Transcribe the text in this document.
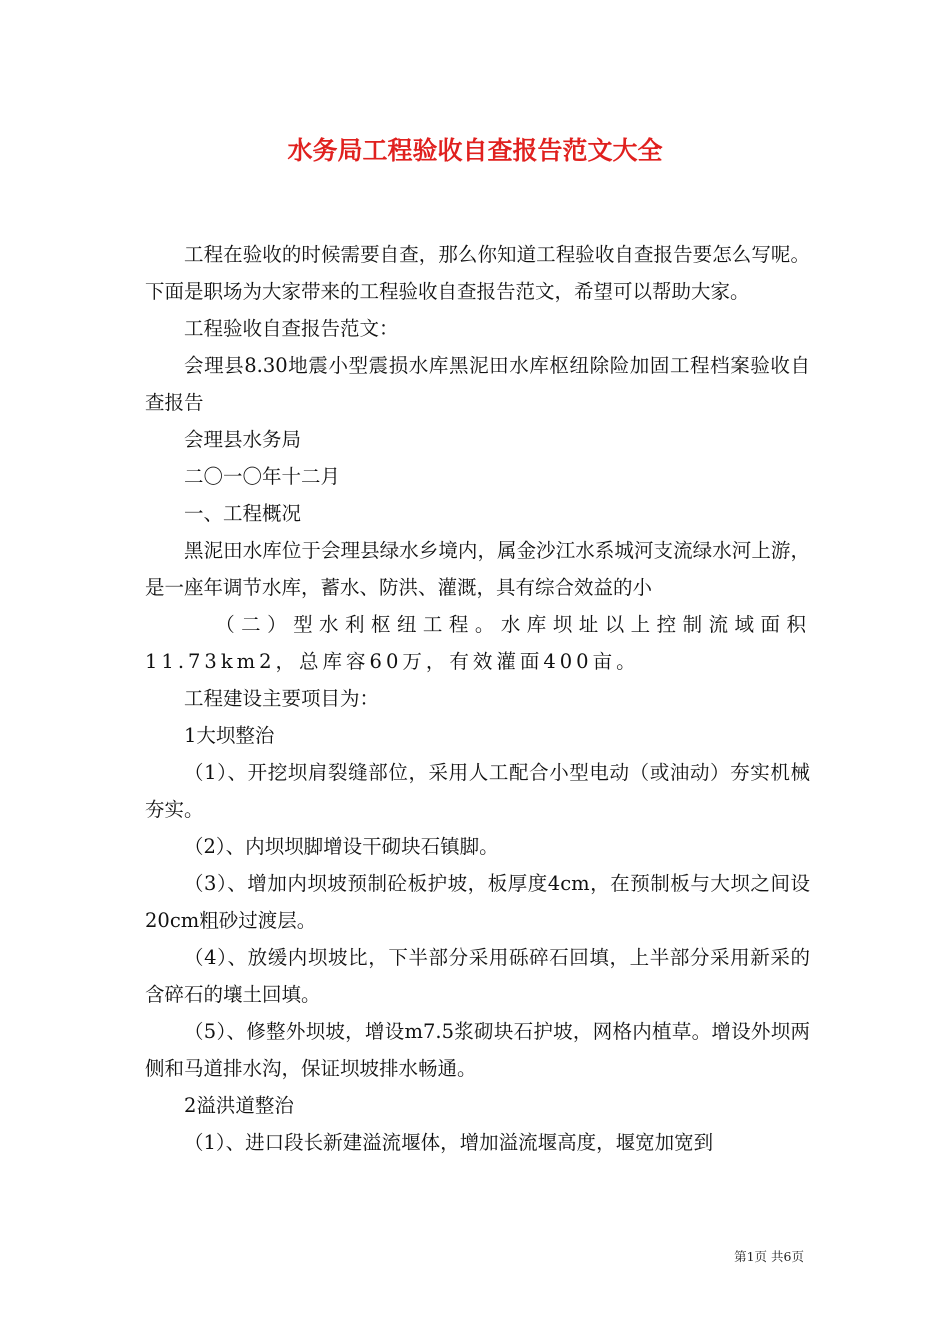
水务局工程验收自查报告范文大全

工程在验收的时候需要自查，那么你知道工程验收自查报告要怎么写呢。下面是职场为大家带来的工程验收自查报告范文，希望可以帮助大家。

工程验收自查报告范文：

会理县8.30地震小型震损水库黑泥田水库枢纽除险加固工程档案验收自查报告

会理县水务局

二〇一〇年十二月

一、工程概况

黑泥田水库位于会理县绿水乡境内，属金沙江水系城河支流绿水河上游，是一座年调节水库，蓄水、防洪、灌溉，具有综合效益的小

（二）型水利枢纽工程。水库坝址以上控制流域面积11.73km2，总库容60万，有效灌面400亩。

工程建设主要项目为：

1大坝整治

（1）、开挖坝肩裂缝部位，采用人工配合小型电动（或油动）夯实机械夯实。

（2）、内坝坝脚增设干砌块石镇脚。

（3）、增加内坝坡预制砼板护坡，板厚度4cm，在预制板与大坝之间设20cm粗砂过渡层。

（4）、放缓内坝坡比，下半部分采用砾碎石回填，上半部分采用新采的含碎石的壤土回填。

（5）、修整外坝坡，增设m7.5浆砌块石护坡，网格内植草。增设外坝两侧和马道排水沟，保证坝坡排水畅通。

2溢洪道整治

（1）、进口段长新建溢流堰体，增加溢流堰高度，堰宽加宽到

第1页 共6页
